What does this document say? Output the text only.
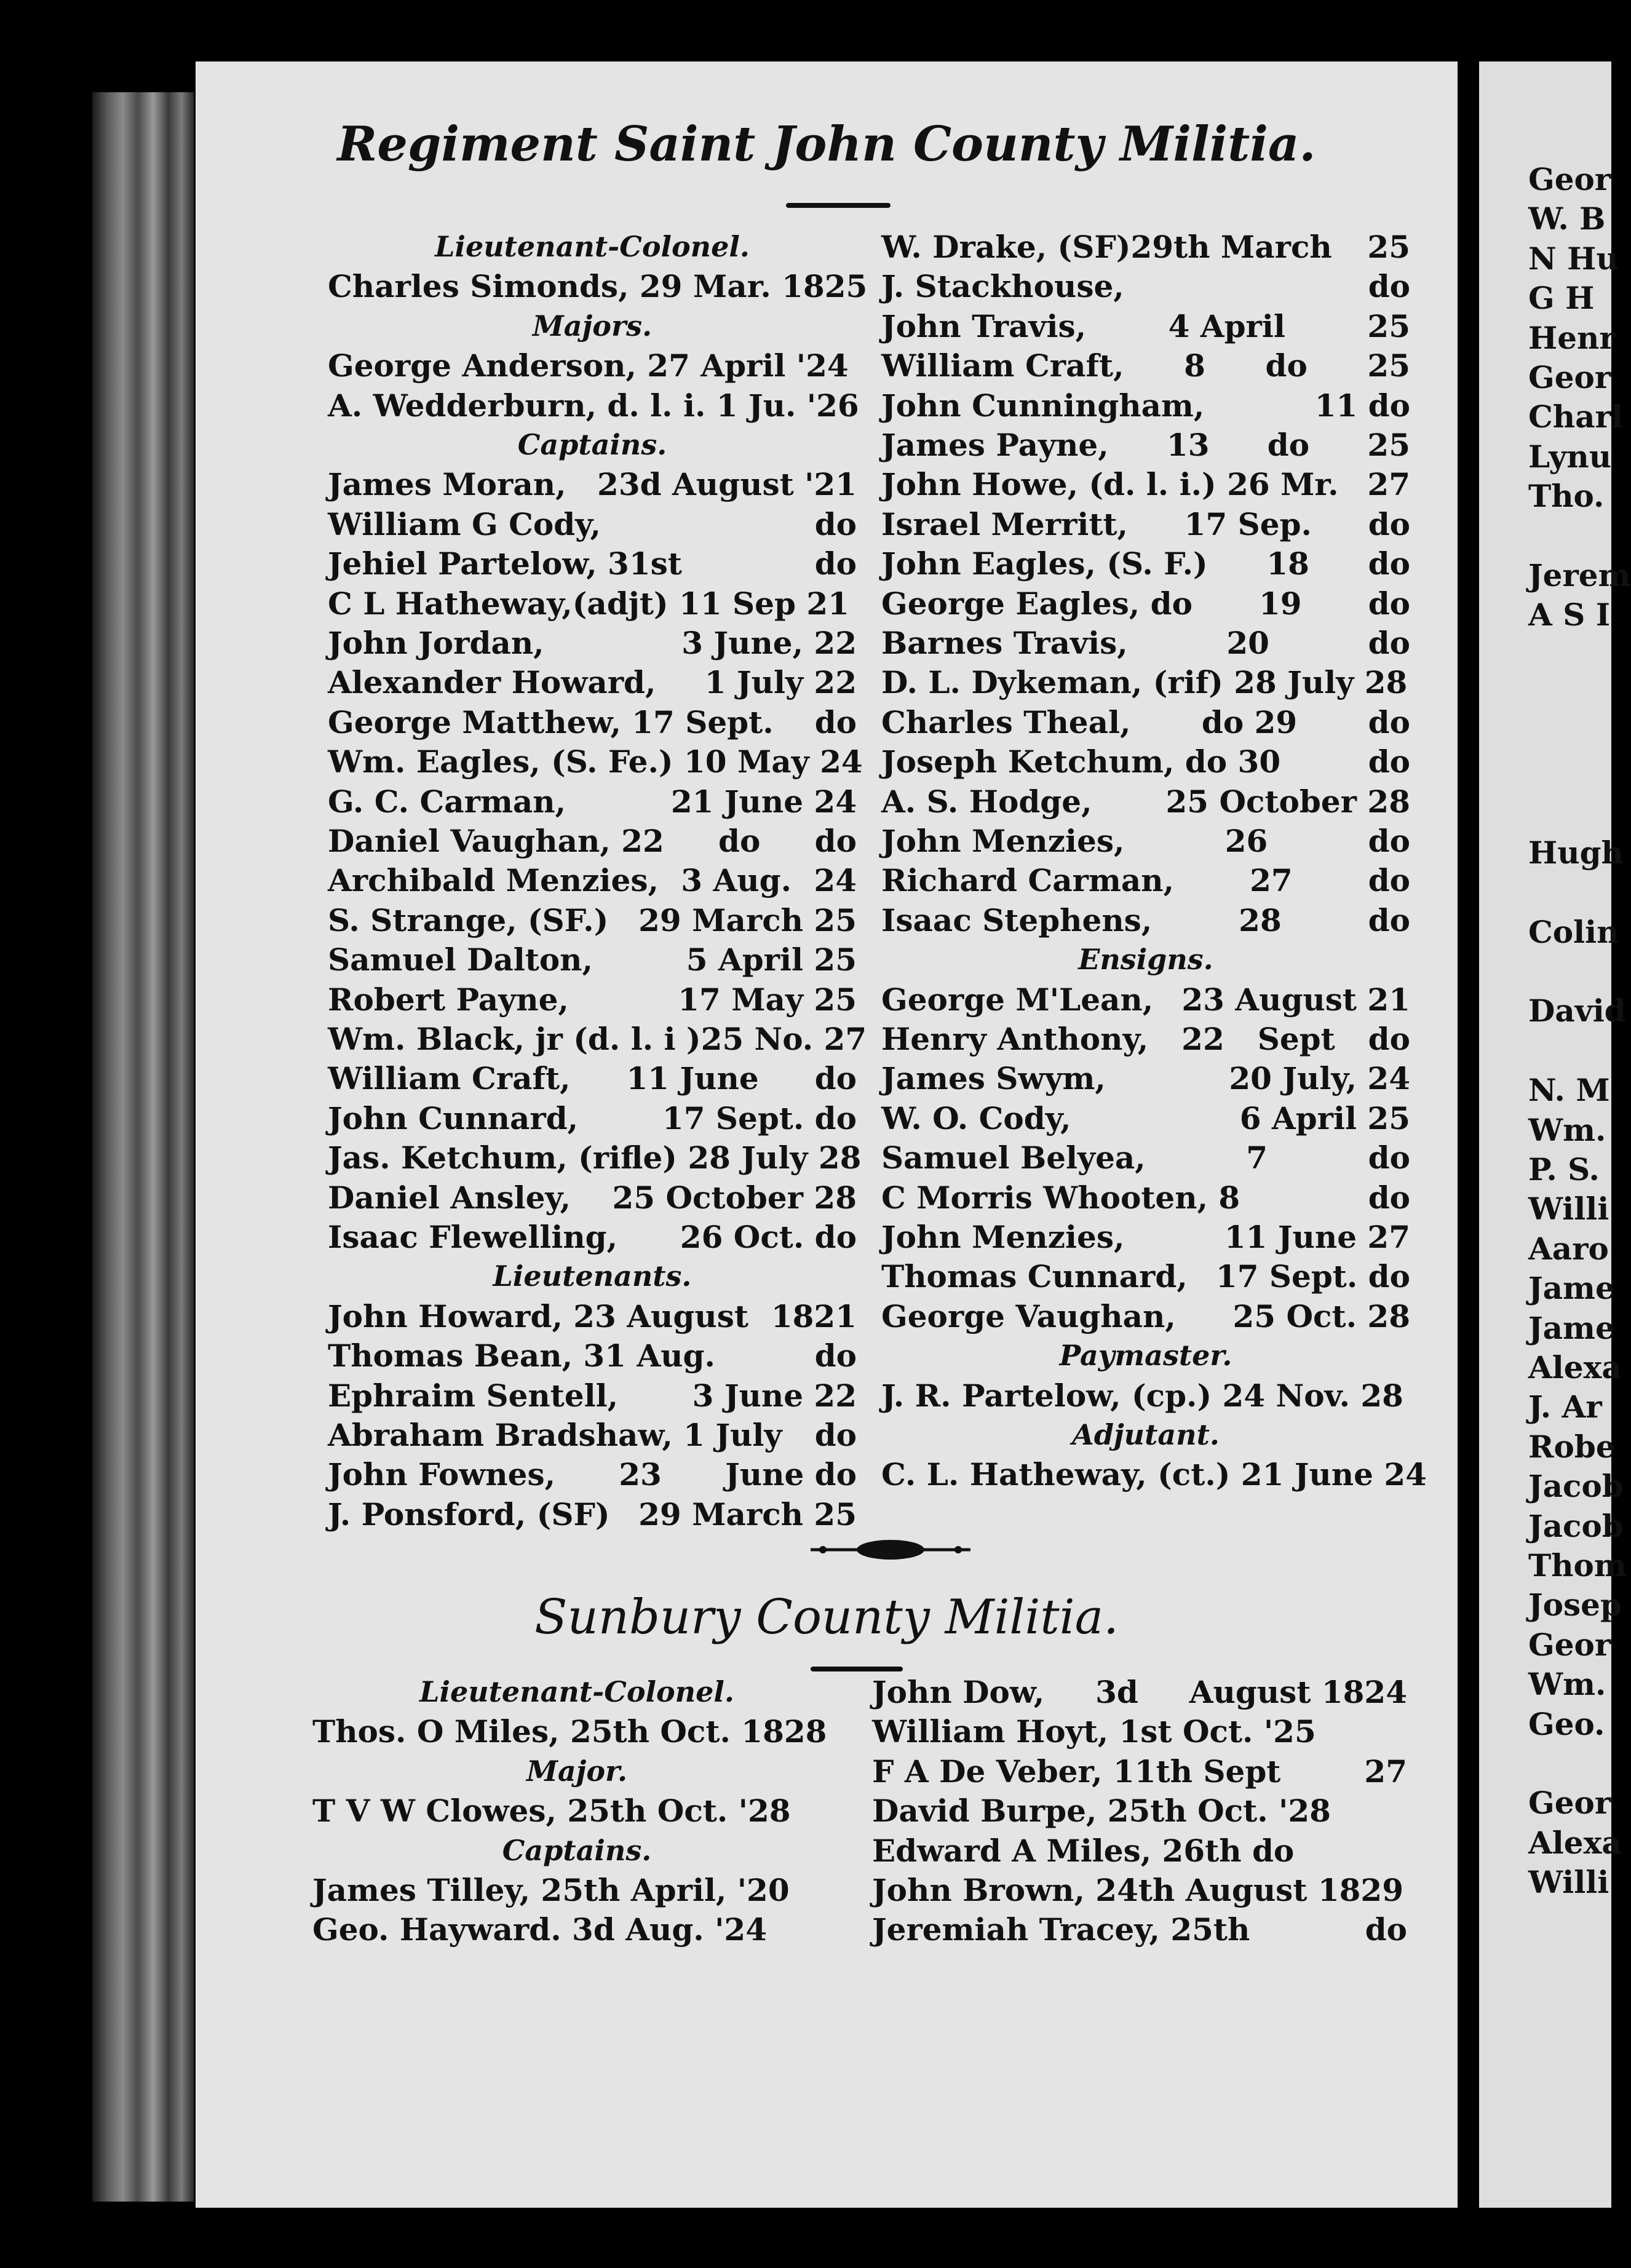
Regiment Saint John County Militia.
Lieutenant-Colonel.
Charles Simonds, 29 Mar. 1825
Majors.
George Anderson, 27 April '24
A. Wedderburn, d. l. i. 1 Ju. '26
Captains.
James Moran, 23d August '21
William G Cody,	do
Jehiel Partelow, 31st	do
C L Hatheway,(adjt) 11 Sep 21
John Jordan,	3 June, 22
Alexander Howard, 1 July 22
George Matthew, 17 Sept. do
Wm. Eagles, (S. Fe.) 10 May 24
G. C. Carman,	21 June 24
Daniel Vaughan, 22 do do
Archibald Menzies, 3 Aug. 24
S. Strange, (SF.) 29 March 25
Samuel Dalton,	5 April 25
Robert Payne,	17 May 25
Wm. Black, jr (d. l. i )25 No. 27
William Craft, 11 June do
John Cunnard,	17 Sept. do
Jas. Ketchum, (rifle) 28 July 28
Daniel Ansley, 25 October 28
Isaac Flewelling, 26 Oct. do
Lieutenants.
John Howard, 23 August 1821
Thomas Bean, 31 Aug.	do
Ephraim Sentell, 3 June 22
Abraham Bradshaw, 1 July do
John Fownes, 23 June do
J. Ponsford, (SF) 29 March 25
W. Drake, (SF)29th March 25
J. Stackhouse,	do
John Travis,	4 April	25
William Craft, 8 do 25
John Cunningham,	11 do
James Payne, 13 do 25
John Howe, (d. l. i.) 26 Mr. 27
Israel Merritt, 17 Sep. do
John Eagles, (S. F.) 18 do
George Eagles, do 19 do
Barnes Travis,	20	do
D. L. Dykeman, (rif) 28 July 28
Charles Theal, do 29 do
Joseph Ketchum, do 30	do
A. S. Hodge, 25 October 28
John Menzies,	26	do
Richard Carman, 27 do
Isaac Stephens,	28	do
Ensigns.
George M'Lean, 23 August 21
Henry Anthony, 22 Sept do
James Swym,	20 July, 24
W. O. Cody,	6 April 25
Samuel Belyea,	7	do
C Morris Whooten, 8	do
John Menzies,	11 June 27
Thomas Cunnard, 17 Sept. do
George Vaughan, 25 Oct. 28
Paymaster.
J. R. Partelow, (cp.) 24 Nov. 28
Adjutant.
C. L. Hatheway, (ct.) 21 June 24
Sunbury County Militia.
Lieutenant-Colonel.
Thos. O Miles, 25th Oct. 1828
Major.
T V W Clowes, 25th Oct. '28
Captains.
James Tilley, 25th April, '20
Geo. Hayward. 3d Aug. '24
John Dow, 3d August 1824
William Hoyt, 1st Oct. '25
F A De Veber, 11th Sept	27
David Burpe, 25th Oct. '28
Edward A Miles, 26th do
John Brown, 24th August 1829
Jeremiah Tracey, 25th	do
Geor
W. B
N Hu
G H
Henr
Geor
Charl
Lynu
Tho.
Jerem
A S I
Hugh
Colin
David
N. M
Wm.
P. S.
Willi
Aaro
Jame
Jame
Alexa
J. Ar
Robe
Jacob
Jacob
Thom
Josep
Geor
Wm.
Geo.
Geor
Alexa
Willi
